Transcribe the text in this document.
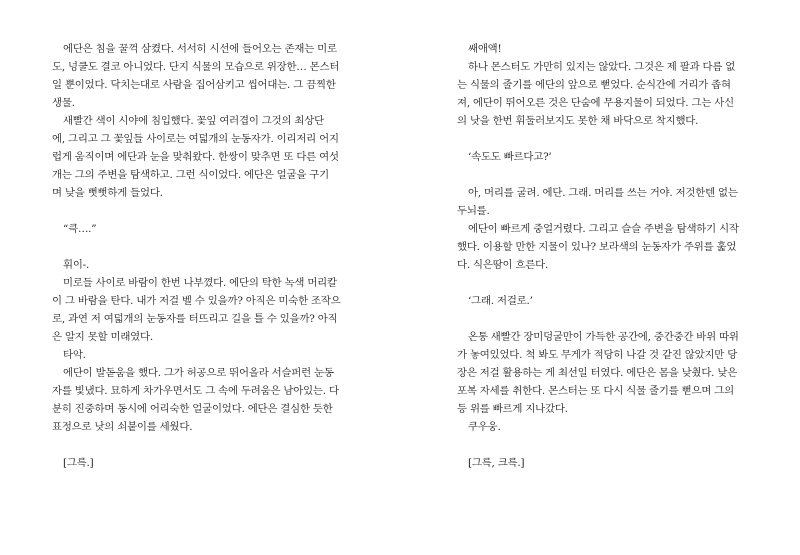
에단은 침을 꿀꺽 삼켰다. 서서히 시선에 들어오는 존재는 미로
도, 넝쿨도 결코 아니었다. 단지 식물의 모습으로 위장한… 몬스터
일 뿐이었다. 닥치는대로 사람을 집어삼키고 씹어대는. 그 끔찍한
생물.
새빨간 색이 시야에 침입했다. 꽃잎 여러겹이 그것의 최상단
에, 그리고 그 꽃잎들 사이로는 여덟개의 눈동자가. 이리저리 어지
럽게 움직이며 에단과 눈을 맞춰왔다. 한쌍이 맞추면 또 다른 여섯
개는 그의 주변을 탐색하고. 그런 식이었다. 에단은 얼굴을 구기
며 낮을 뻣뻣하게 들었다.
“큭….”
휘이-.
미로들 사이로 바람이 한번 나부꼈다. 에단의 탁한 녹색 머리칼
이 그 바람을 탄다. 내가 저걸 벨 수 있을까? 아직은 미숙한 조작으
로, 과연 저 여덟개의 눈동자를 터뜨리고 길을 틀 수 있을까? 아직
은 알지 못할 미래였다.
타악.
에단이 발돋움을 했다. 그가 허공으로 뛰어올라 서슬퍼런 눈동
자를 빛냈다. 묘하게 차가우면서도 그 속에 두려움은 남아있는. 다
분히 진중하며 동시에 어리숙한 얼굴이었다. 에단은 결심한 듯한
표정으로 낫의 쇠붙이를 세웠다.
[그륵.]
쌔애액!
하나 몬스터도 가만히 있지는 않았다. 그것은 제 팔과 다름 없
는 식물의 줄기를 에단의 앞으로 뻗었다. 순식간에 거리가 좁혀
져, 에단이 뛰어오른 것은 단숨에 무용지물이 되었다. 그는 사신
의 낫을 한번 휘둘러보지도 못한 채 바닥으로 착지했다.
‘속도도 빠르다고?’
아, 머리를 굴려. 에단. 그래. 머리를 쓰는 거야. 저것한텐 없는
두뇌를.
에단이 빠르게 중얼거렸다. 그리고 슬슬 주변을 탐색하기 시작
했다. 이용할 만한 지물이 있나? 보라색의 눈동자가 주위를 훑었
다. 식은땀이 흐른다.
‘그래. 저걸로.’
온통 새빨간 장미덩굴만이 가득한 공간에, 중간중간 바위 따위
가 놓여있었다. 척 봐도 무게가 적당히 나갈 것 같진 않았지만 당
장은 저걸 활용하는 게 최선일 터였다. 에단은 몸을 낮췄다. 낮은
포복 자세를 취한다. 몬스터는 또 다시 식물 줄기를 뻗으며 그의
등 위를 빠르게 지나갔다.
쿠우웅.
[그륵, 크륵.]
